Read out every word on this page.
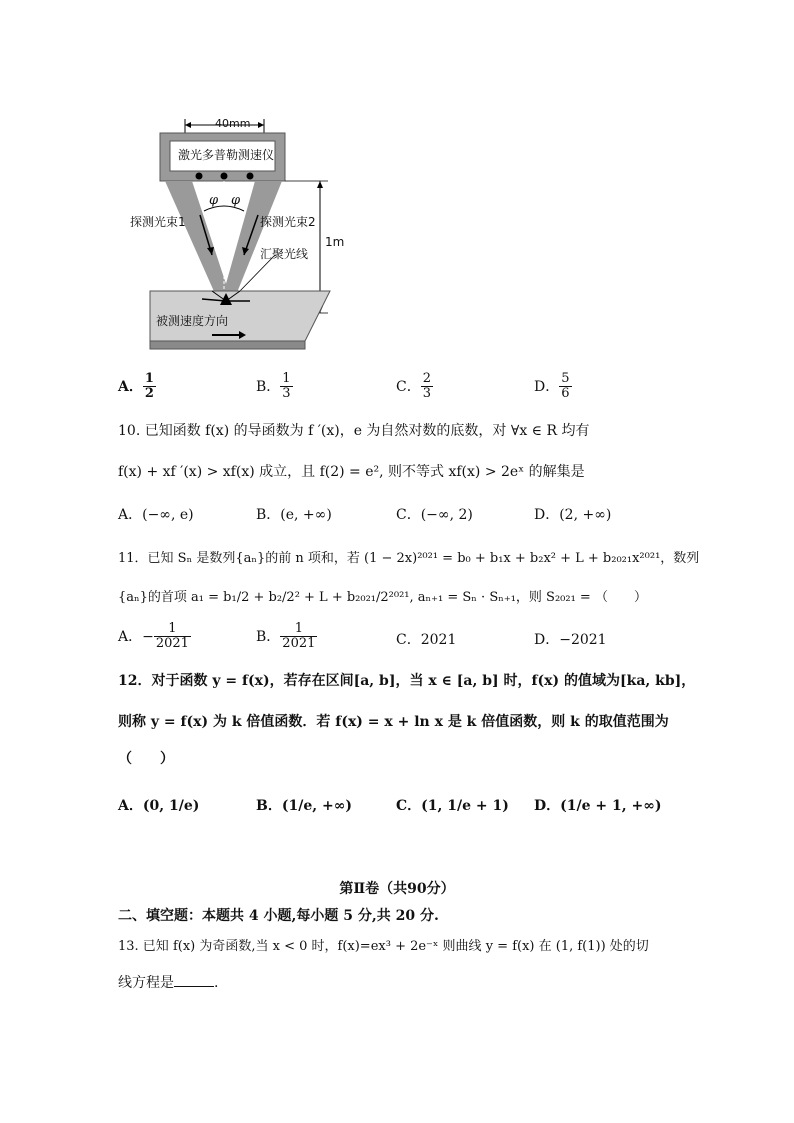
40mm
激光多普勒测速仪
φ φ
探测光束1	探测光束2
汇聚光线
1m
被测速度方向
A． $\frac{1}{2}$	B． $\frac{1}{3}$	C． $\frac{2}{3}$	D． $\frac{5}{6}$
10. 已知函数 f(x) 的导函数为 f ′(x)，e 为自然对数的底数，对 ∀x ∈ R 均有
f(x) + xf ′(x) > xf(x) 成立，且 f(2) = e², 则不等式 xf(x) > 2eˣ 的解集是
A．(−∞, e)	B．(e, +∞)	C．(−∞, 2)	D．(2, +∞)
11．已知 Sₙ 是数列{aₙ}的前 n 项和，若 (1 − 2x)²⁰²¹ = b₀ + b₁x + b₂x² + L + b₂₀₂₁x²⁰²¹，数列
{aₙ}的首项 a₁ = b₁/2 + b₂/2² + L + b₂₀₂₁/2²⁰²¹, aₙ₊₁ = Sₙ · Sₙ₊₁，则 S₂₀₂₁ = （　　）
A．− $\frac{1}{2021}$	B． $\frac{1}{2021}$	C．2021	D．−2021
12．对于函数 y = f(x)，若存在区间[a, b]，当 x ∈ [a, b] 时，f(x) 的值域为[ka, kb]，
则称 y = f(x) 为 k 倍值函数．若 f(x) = x + ln x 是 k 倍值函数，则 k 的取值范围为
（　　）
A．(0, 1/e)	B．(1/e, +∞)	C．(1, 1/e + 1) D．(1/e + 1, +∞)
第Ⅱ卷（共90分）
二、填空题：本题共 4 小题,每小题 5 分,共 20 分.
13. 已知 f(x) 为奇函数,当 x < 0 时，f(x)=ex³ + 2e⁻ˣ 则曲线 y = f(x) 在 (1, f(1)) 处的切
线方程是	.
